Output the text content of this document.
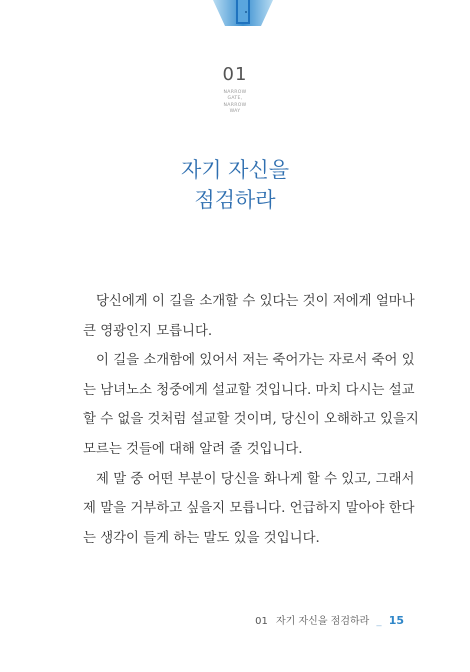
01
NARROW
GATE,
NARROW
WAY
자기 자신을
점검하라
당신에게 이 길을 소개할 수 있다는 것이 저에게 얼마나
큰 영광인지 모릅니다.
이 길을 소개함에 있어서 저는 죽어가는 자로서 죽어 있
는 남녀노소 청중에게 설교할 것입니다. 마치 다시는 설교
할 수 없을 것처럼 설교할 것이며, 당신이 오해하고 있을지
모르는 것들에 대해 알려 줄 것입니다.
제 말 중 어떤 부분이 당신을 화나게 할 수 있고, 그래서
제 말을 거부하고 싶을지 모릅니다. 언급하지 말아야 한다
는 생각이 들게 하는 말도 있을 것입니다.
01 자기 자신을 점검하라 _ 15
